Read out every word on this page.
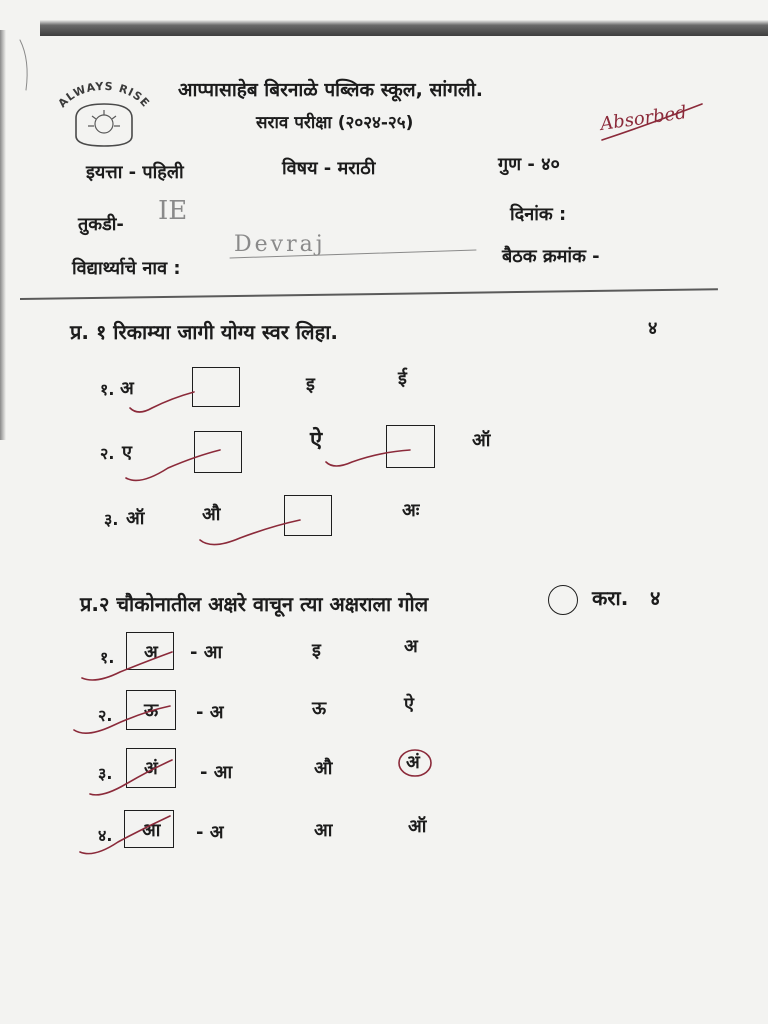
ALWAYS RISE
आप्पासाहेब बिरनाळे पब्लिक स्कूल, सांगली.
सराव परीक्षा (२०२४-२५)	Absorbed
इयत्ता - पहिली	विषय - मराठी	गुण - ४०
तुकडी- IE	दिनांक :
विद्यार्थ्याचे नाव :
Devraj	बैठक क्रमांक -
प्र. १ रिकाम्या जागी योग्य स्वर लिहा.	४
१. अ	इ	ई
२. ए	ऐ	ऑ
३. ऑ	औ	अः
प्र.२ चौकोनातील अक्षरे वाचून त्या अक्षराला गोल	करा. ४
१. अ - आ	इ	अ
२. ऊ - अ	ऊ	ऐ
३. अं - आ	औ	अं
४. आ - अ	आ	ऑ
